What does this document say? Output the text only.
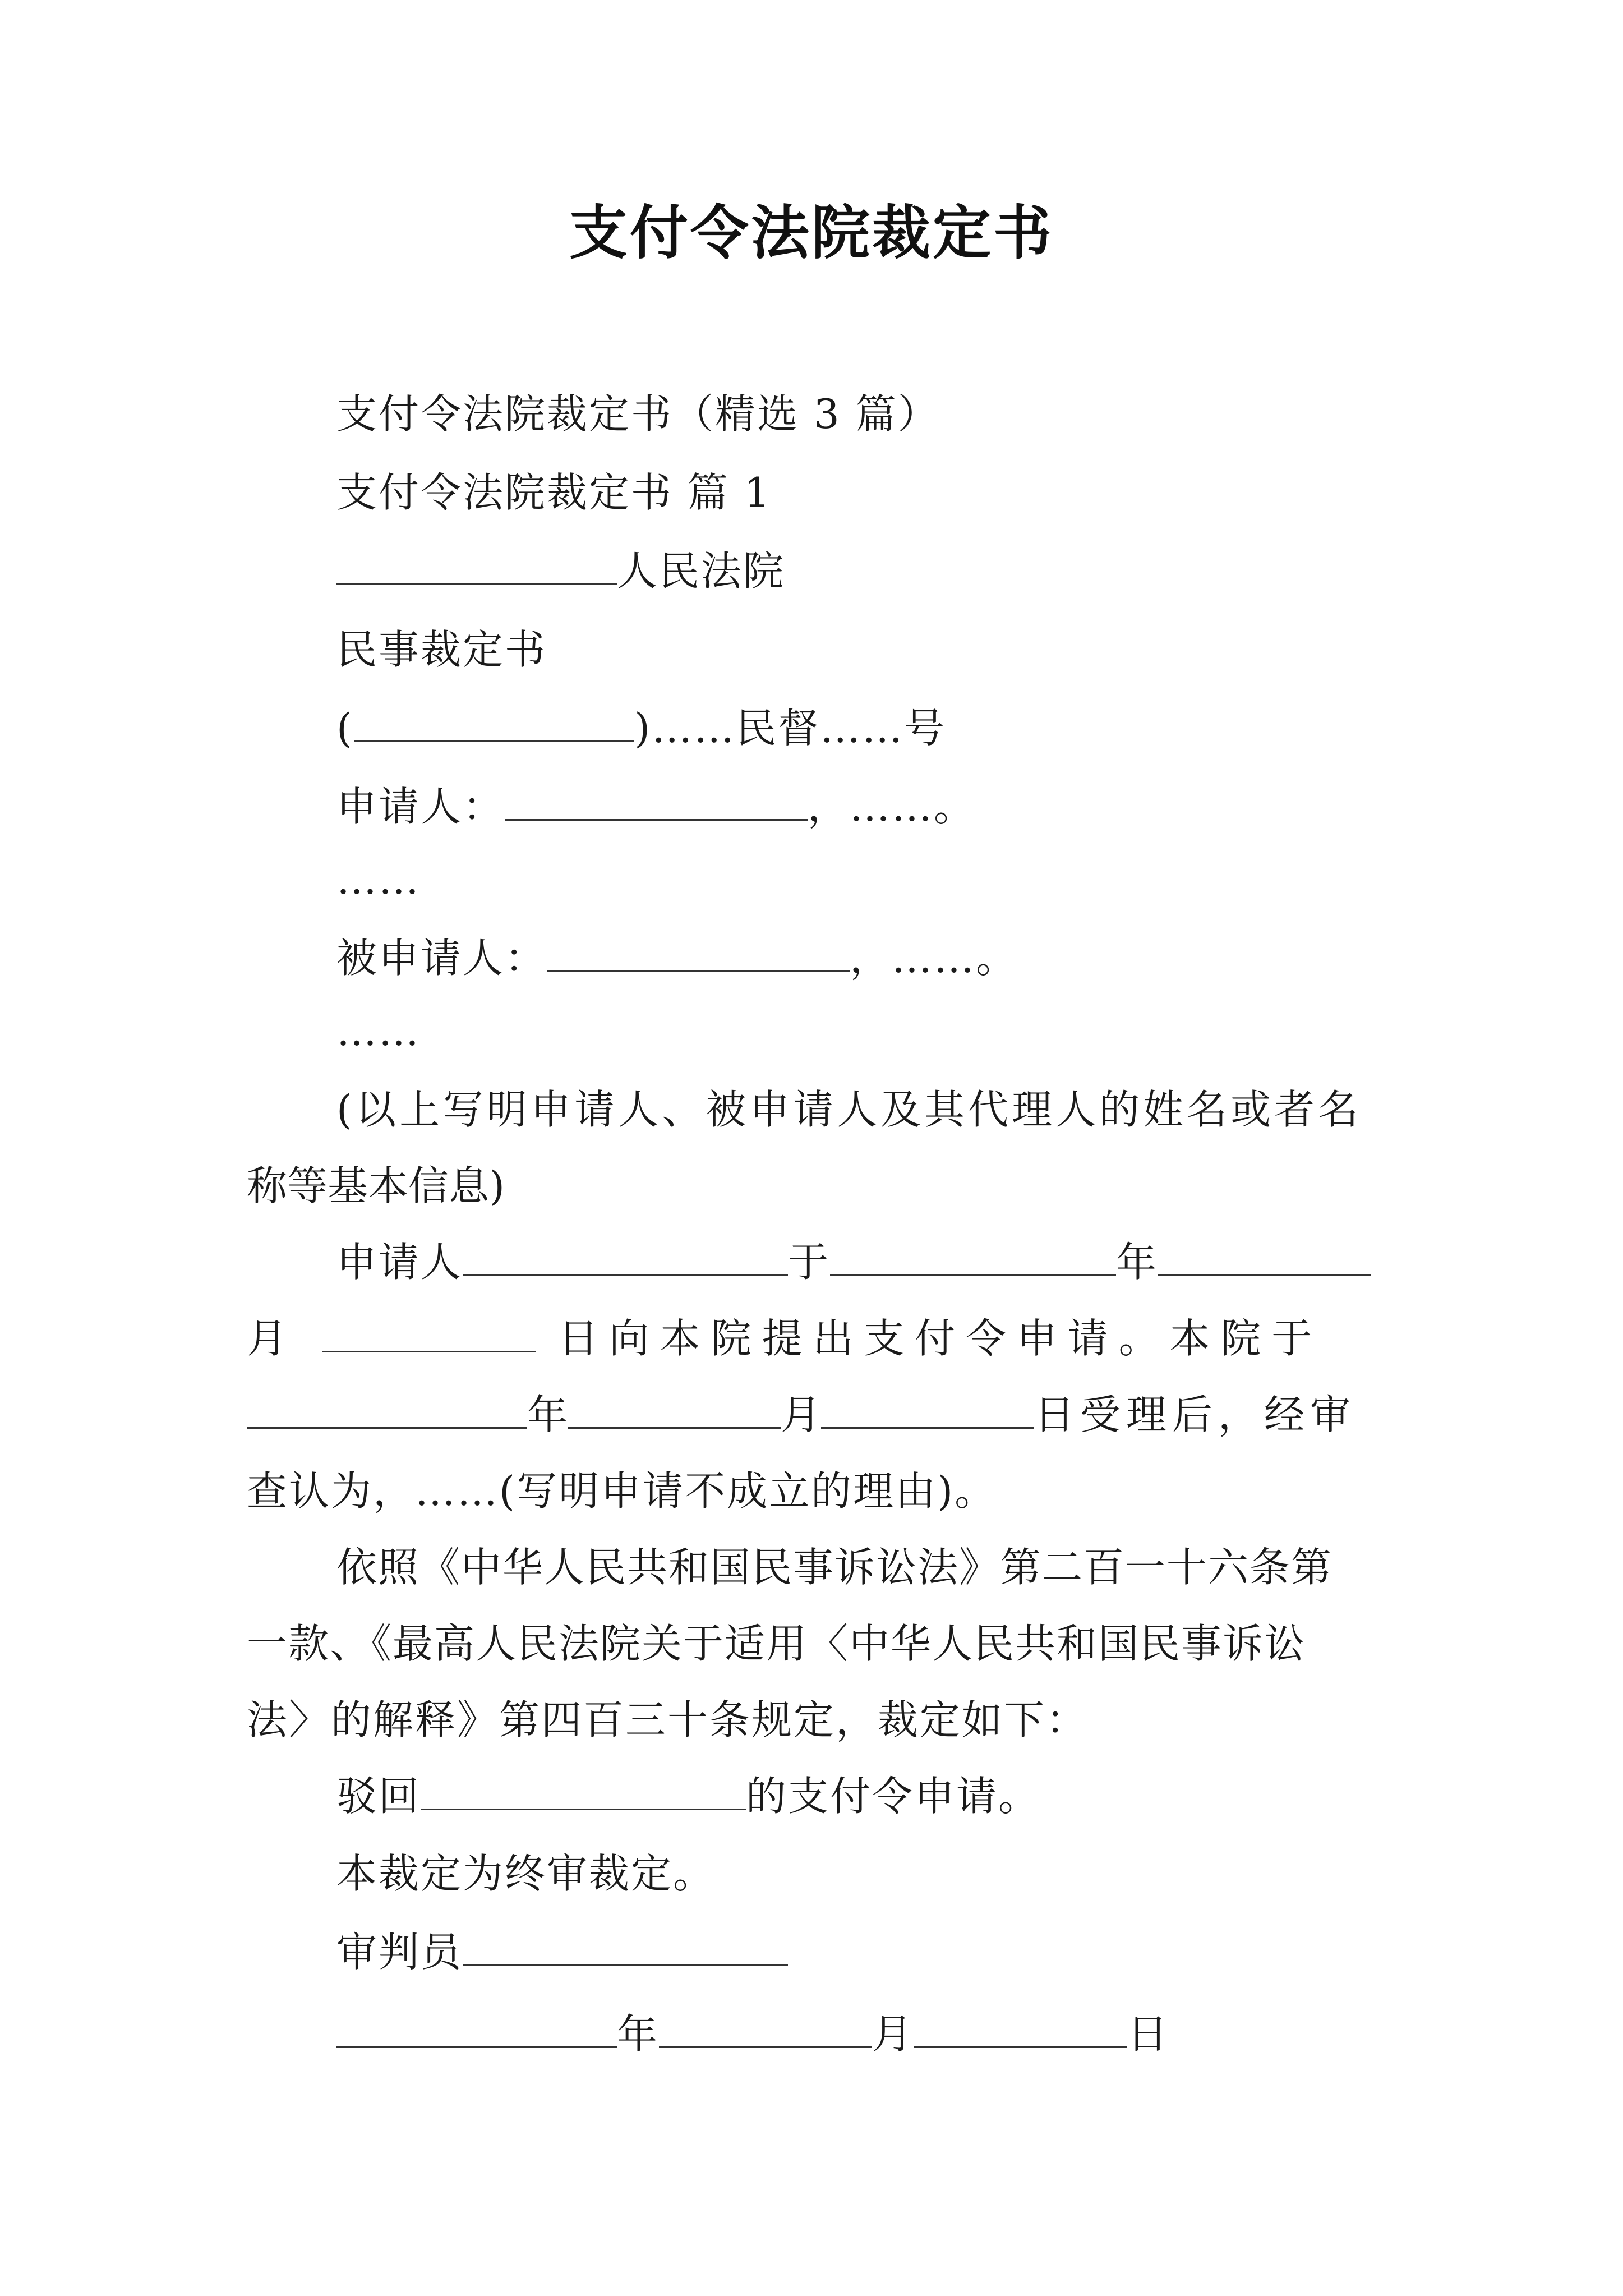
支付令法院裁定书
支付令法院裁定书（精选 3 篇）
支付令法院裁定书 篇 1
人民法院
民事裁定书
(	)……民督……号
申请人：	，……。
……
被申请人：	，……。
……
(以上写明申请人、被申请人及其代理人的姓名或者名
称等基本信息)
申请人	于	年
月	日 向 本 院 提 出 支 付 令 申 请 。 本 院 于
年	月	日受理后，经审
查认为，……(写明申请不成立的理由)。
依照《中华人民共和国民事诉讼法》第二百一十六条第
一款、《最高人民法院关于适用〈中华人民共和国民事诉讼
法〉的解释》第四百三十条规定，裁定如下：
驳回	的支付令申请。
本裁定为终审裁定。
审判员
年	月	日
